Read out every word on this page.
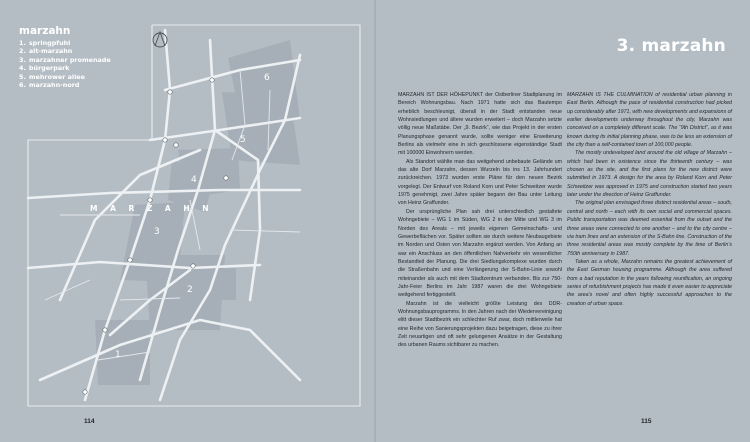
M A R Z A H N
1
2
3
4
5
6
marzahn
1. springpfuhl
2. alt-marzahn
3. marzahner promenade
4. bürgerpark
5. mehrower allee
6. marzahn-nord
3. marzahn

MARZAHN IST DER HÖHEPUNKT der Ostberliner Stadtplanung im Bereich Wohnungsbau. Nach 1971 hatte sich das Bautempo erheblich beschleunigt, überall in der Stadt entstanden neue Wohnsiedlungen und ältere wurden erweitert – doch Marzahn setzte völlig neue Maßstäbe. Der „9. Bezirk“, wie das Projekt in der ersten Planungsphase genannt wurde, sollte weniger eine Erweiterung Berlins als vielmehr eine in sich geschlossene eigenständige Stadt mit 100000 Einwohnern werden.

Als Standort wählte man das weitgehend unbebaute Gelände um das alte Dorf Marzahn, dessen Wurzeln bis ins 13. Jahrhundert zurückreichen. 1973 wurden erste Pläne für den neuen Bezirk vorgelegt. Der Entwurf von Roland Korn und Peter Schweitzer wurde 1975 genehmigt, zwei Jahre später begann der Bau unter Leitung von Heinz Graffunder.

Der ursprüngliche Plan sah drei unterschiedlich gestaltete Wohngebiete – WG 1 im Süden, WG 2 in der Mitte und WG 3 im Norden des Areals – mit jeweils eigenen Gemeinschafts- und Gewerbeflächen vor. Später sollten sie durch weitere Neubaugebiete im Norden und Osten von Marzahn ergänzt werden. Von Anfang an war ein Anschluss an den öffentlichen Nahverkehr ein wesentlicher Bestandteil der Planung. Die drei Siedlungskomplexe wurden durch die Straßenbahn und eine Verlängerung der S-Bahn-Linie sowohl miteinander als auch mit dem Stadtzentrum verbunden. Bis zur 750-Jahr-Feier Berlins im Jahr 1987 waren die drei Wohngebiete weitgehend fertiggestellt.

Marzahn ist die vielleicht größte Leistung des DDR-Wohnungsbauprogramms. In den Jahren nach der Wiedervereinigung elitt dieser Stadtbezirk ein schlechter Ruf zwar, doch mittlerweile hat eine Reihe von Sanierungsprojekten dazu beigetragen, diese zu ihrer Zeit neuartigen und oft sehr gelungenen Ansätze in der Gestaltung des urbanen Raums sichtbarer zu machen.

MARZAHN IS THE CULMINATION of residential urban planning in East Berlin. Although the pace of residential construction had picked up considerably after 1971, with new developments and expansions of earlier developments underway throughout the city, Marzahn was conceived on a completely different scale. The “9th District”, as it was known during its initial planning phase, was to be less an extension of the city than a self-contained town of 100,000 people.

The mostly undeveloped land around the old village of Marzahn – which had been in existence since the thirteenth century – was chosen as the site, and the first plans for the new district were submitted in 1973. A design for the area by Roland Korn and Peter Schweitzer was approved in 1975 and construction started two years later under the direction of Heinz Graffunder.

The original plan envisaged three distinct residential areas – south, central and north – each with its own social and commercial spaces. Public transportation was deemed essential from the outset and the three areas were connected to one another – and to the city centre – via tram lines and an extension of the S-Bahn line. Construction of the three residential areas was mostly complete by the time of Berlin’s 750th anniversary in 1987.

Taken as a whole, Marzahn remains the greatest achievement of the East German housing programme. Although the area suffered from a bad reputation in the years following reunification, an ongoing series of refurbishment projects has made it even easier to appreciate the area’s novel and often highly successful approaches to the creation of urban space.

114	115
